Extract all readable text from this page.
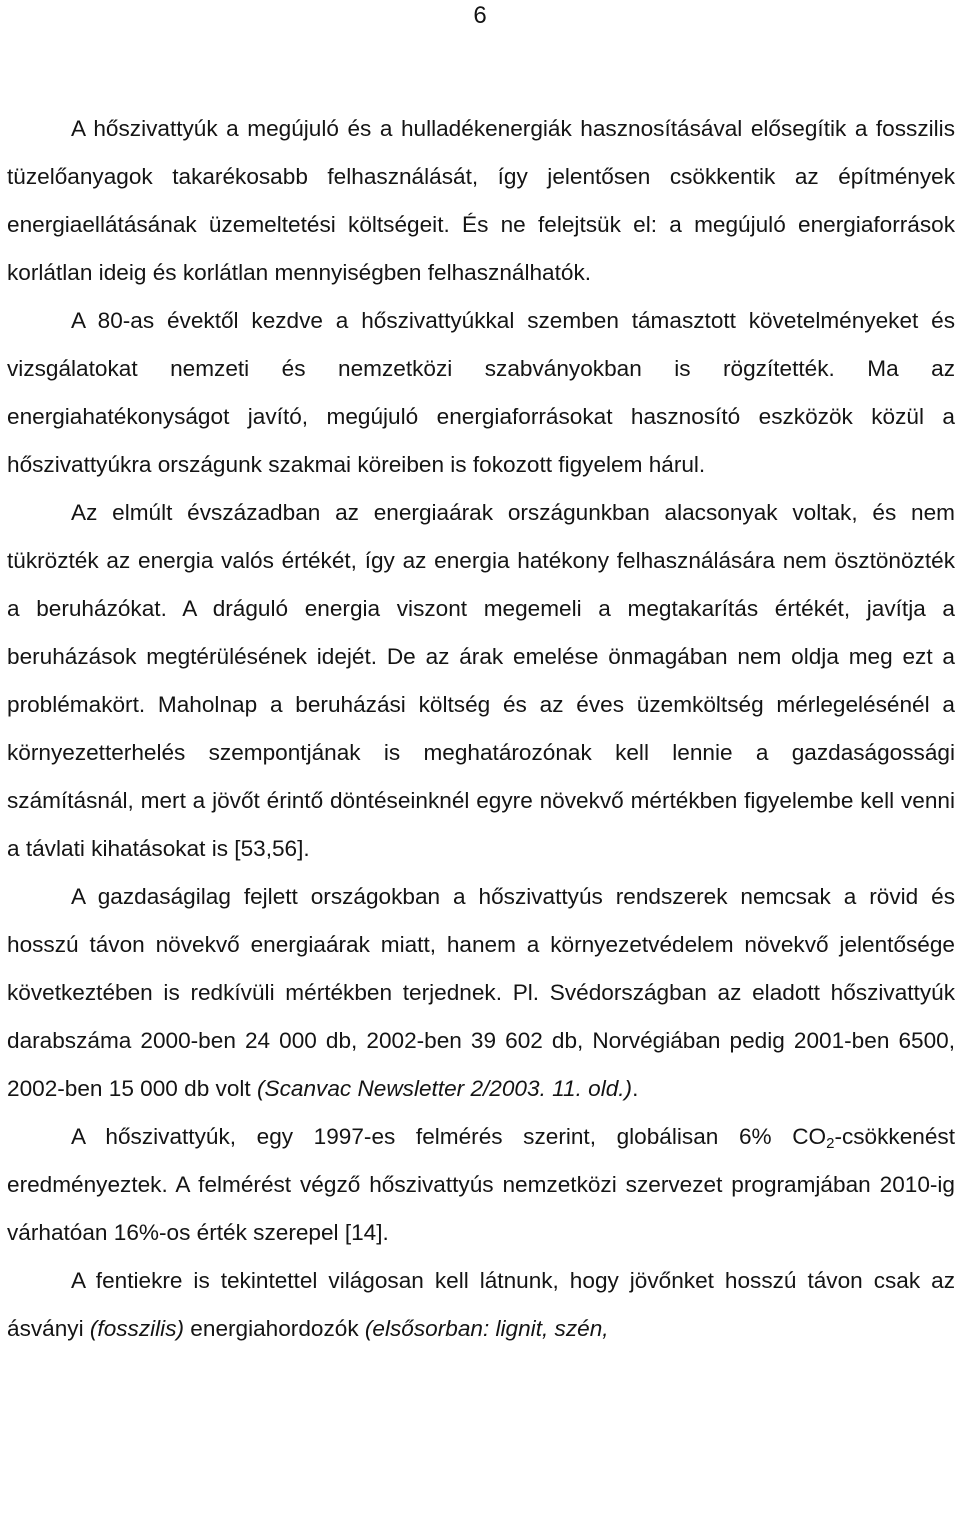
6

A hőszivattyúk a megújuló és a hulladékenergiák hasznosításával elősegítik a fosszilis tüzelőanyagok takarékosabb felhasználását, így jelentősen csökkentik az építmények energiaellátásának üzemeltetési költségeit. És ne felejtsük el: a megújuló energiaforrások korlátlan ideig és korlátlan mennyiségben felhasználhatók.

A 80-as évektől kezdve a hőszivattyúkkal szemben támasztott követelményeket és vizsgálatokat nemzeti és nemzetközi szabványokban is rögzítették. Ma az energiahatékonyságot javító, megújuló energiaforrásokat hasznosító eszközök közül a hőszivattyúkra országunk szakmai köreiben is fokozott figyelem hárul.

Az elmúlt évszázadban az energiaárak országunkban alacsonyak voltak, és nem tükrözték az energia valós értékét, így az energia hatékony felhasználására nem ösztönözték a beruházókat. A dráguló energia viszont megemeli a megtakarítás értékét, javítja a beruházások megtérülésének idejét. De az árak emelése önmagában nem oldja meg ezt a problémakört. Maholnap a beruházási költség és az éves üzemköltség mérlegelésénél a környezetterhelés szempontjának is meghatározónak kell lennie a gazdaságossági számításnál, mert a jövőt érintő döntéseinknél egyre növekvő mértékben figyelembe kell venni a távlati kihatásokat is [53,56].

A gazdaságilag fejlett országokban a hőszivattyús rendszerek nemcsak a rövid és hosszú távon növekvő energiaárak miatt, hanem a környezetvédelem növekvő jelentősége következtében is redkívüli mértékben terjednek. Pl. Svédországban az eladott hőszivattyúk darabszáma 2000-ben 24 000 db, 2002-ben 39 602 db, Norvégiában pedig 2001-ben 6500, 2002-ben 15 000 db volt (Scanvac Newsletter 2/2003. 11. old.).

A hőszivattyúk, egy 1997-es felmérés szerint, globálisan 6% $CO_2$-csökkenést eredményeztek. A felmérést végző hőszivattyús nemzetközi szervezet programjában 2010-ig várhatóan 16%-os érték szerepel [14].

A fentiekre is tekintettel világosan kell látnunk, hogy jövőnket hosszú távon csak az ásványi (fosszilis) energiahordozók (elsősorban: lignit, szén,
